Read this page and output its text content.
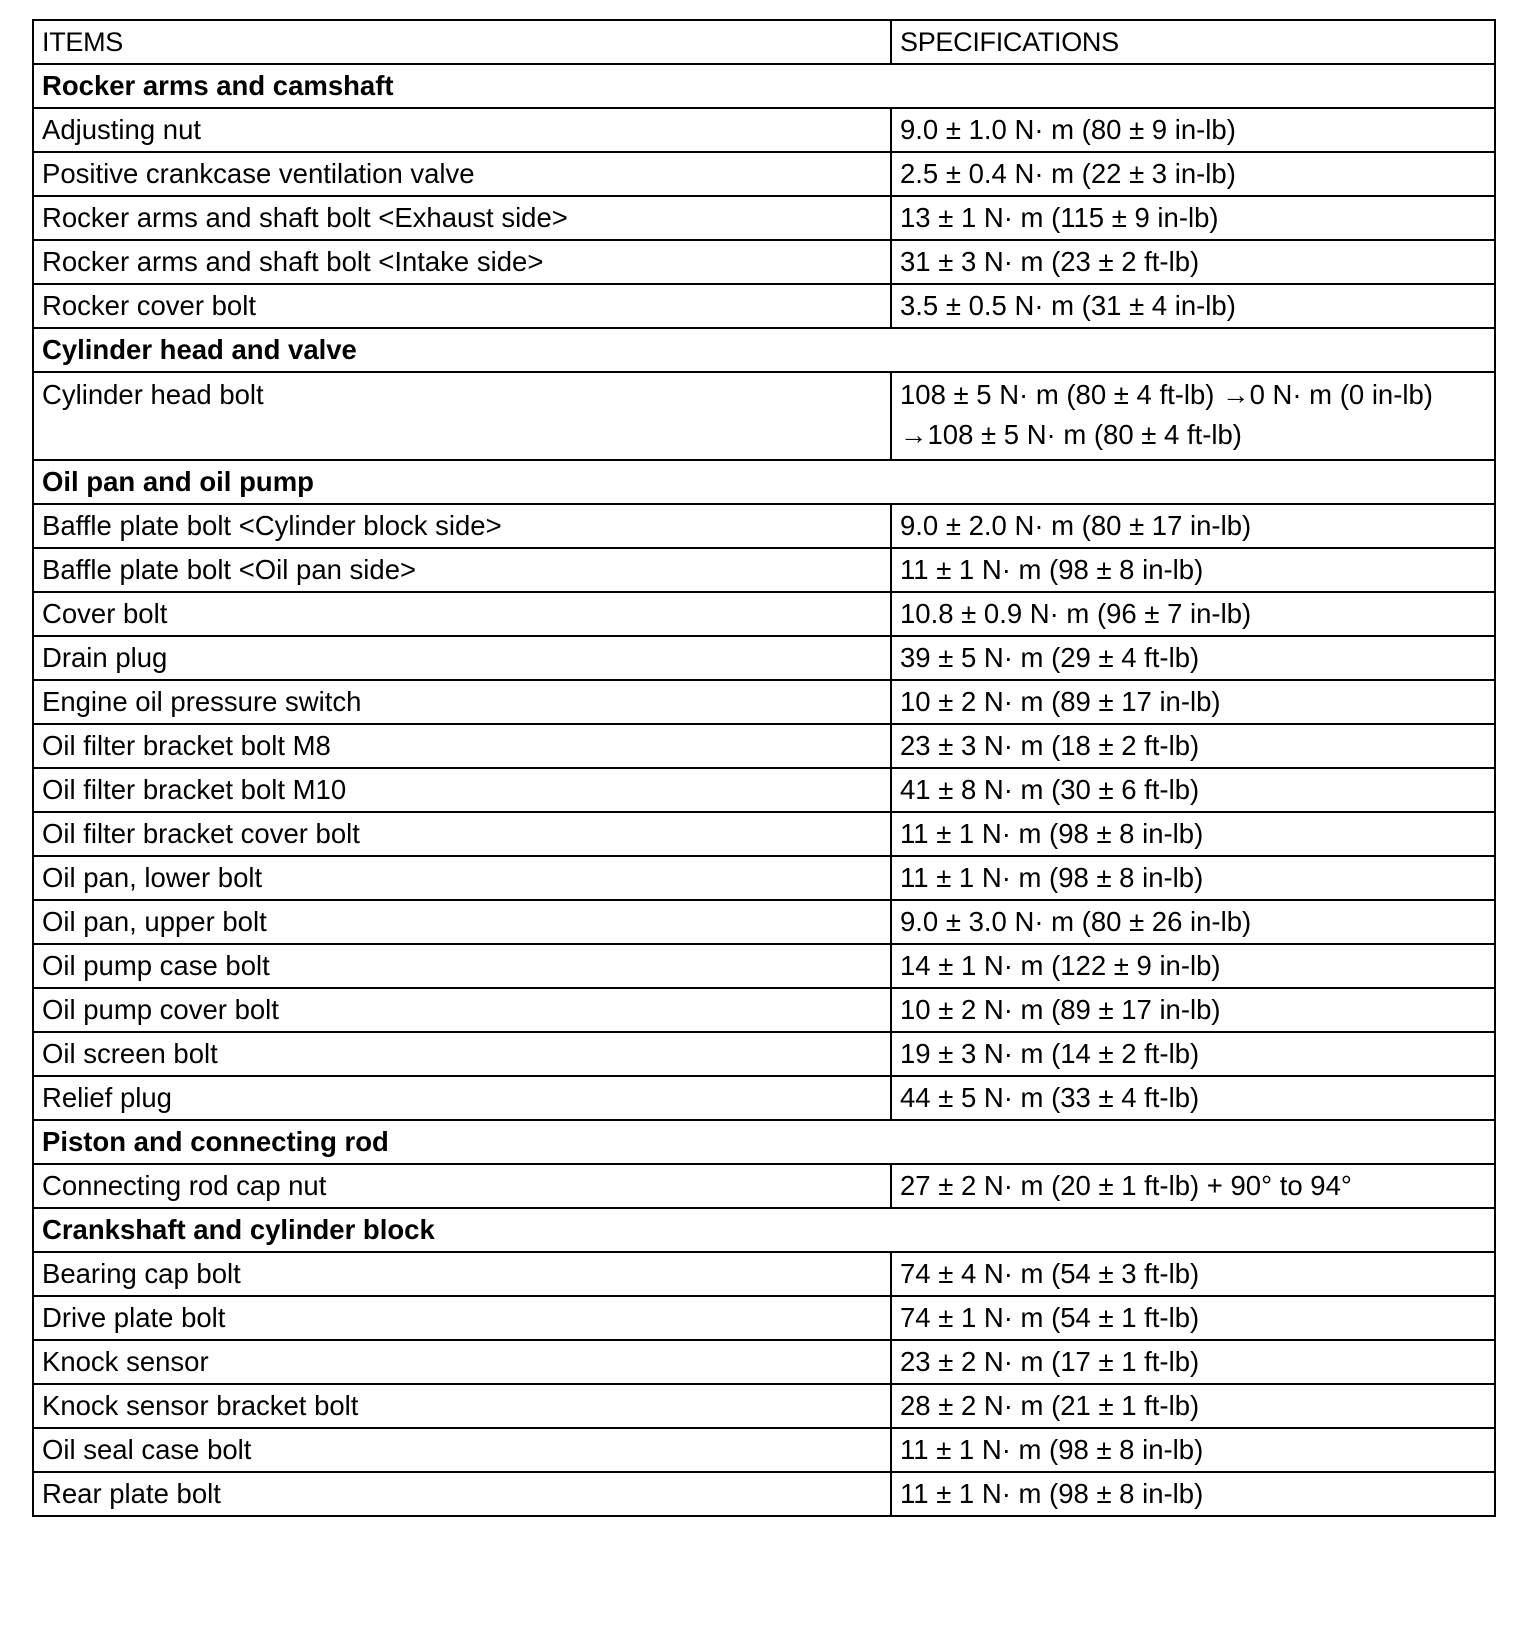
ITEMS	SPECIFICATIONS
Rocker arms and camshaft	
Adjusting nut	9.0 ± 1.0 N· m (80 ± 9 in-lb)
Positive crankcase ventilation valve	2.5 ± 0.4 N· m (22 ± 3 in-lb)
Rocker arms and shaft bolt <Exhaust side>	13 ± 1 N· m (115 ± 9 in-lb)
Rocker arms and shaft bolt <Intake side>	31 ± 3 N· m (23 ± 2 ft-lb)
Rocker cover bolt	3.5 ± 0.5 N· m (31 ± 4 in-lb)
Cylinder head and valve	
Cylinder head bolt	108 ± 5 N· m (80 ± 4 ft-lb) →0 N· m (0 in-lb)
→108 ± 5 N· m (80 ± 4 ft-lb)

Oil pan and oil pump	
Baffle plate bolt <Cylinder block side>	9.0 ± 2.0 N· m (80 ± 17 in-lb)
Baffle plate bolt <Oil pan side>	11 ± 1 N· m (98 ± 8 in-lb)
Cover bolt	10.8 ± 0.9 N· m (96 ± 7 in-lb)
Drain plug	39 ± 5 N· m (29 ± 4 ft-lb)
Engine oil pressure switch	10 ± 2 N· m (89 ± 17 in-lb)
Oil filter bracket bolt M8	23 ± 3 N· m (18 ± 2 ft-lb)
Oil filter bracket bolt M10	41 ± 8 N· m (30 ± 6 ft-lb)
Oil filter bracket cover bolt	11 ± 1 N· m (98 ± 8 in-lb)
Oil pan, lower bolt	11 ± 1 N· m (98 ± 8 in-lb)
Oil pan, upper bolt	9.0 ± 3.0 N· m (80 ± 26 in-lb)
Oil pump case bolt	14 ± 1 N· m (122 ± 9 in-lb)
Oil pump cover bolt	10 ± 2 N· m (89 ± 17 in-lb)
Oil screen bolt	19 ± 3 N· m (14 ± 2 ft-lb)
Relief plug	44 ± 5 N· m (33 ± 4 ft-lb)
Piston and connecting rod	
Connecting rod cap nut	27 ± 2 N· m (20 ± 1 ft-lb) + 90° to 94°
Crankshaft and cylinder block	
Bearing cap bolt	74 ± 4 N· m (54 ± 3 ft-lb)
Drive plate bolt	74 ± 1 N· m (54 ± 1 ft-lb)
Knock sensor	23 ± 2 N· m (17 ± 1 ft-lb)
Knock sensor bracket bolt	28 ± 2 N· m (21 ± 1 ft-lb)
Oil seal case bolt	11 ± 1 N· m (98 ± 8 in-lb)
Rear plate bolt	11 ± 1 N· m (98 ± 8 in-lb)
